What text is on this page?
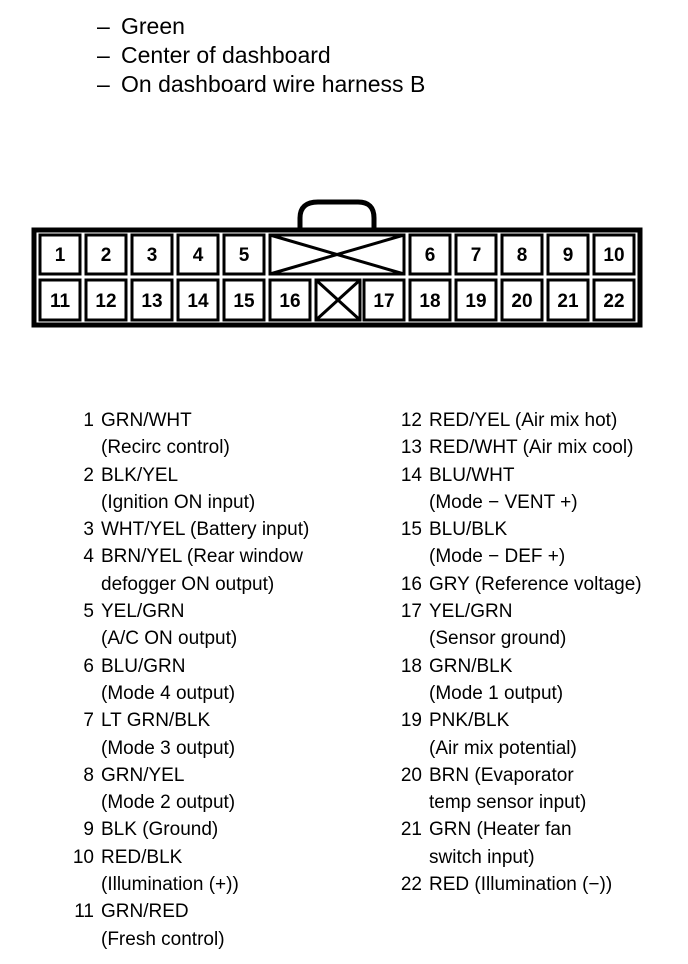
– Green
– Center of dashboard
– On dashboard wire harness B
1 2 3 4 5	6 7 8 9 10
11 12 13 14 15 16	17 18 19 20 21 22
1 GRN/WHT
(Recirc control)
2 BLK/YEL
(Ignition ON input)
3 WHT/YEL (Battery input)
4 BRN/YEL (Rear window
defogger ON output)
5 YEL/GRN
(A/C ON output)
6 BLU/GRN
(Mode 4 output)
7 LT GRN/BLK
(Mode 3 output)
8 GRN/YEL
(Mode 2 output)
9 BLK (Ground)
10 RED/BLK
(Illumination (+))
11 GRN/RED
(Fresh control)
12 RED/YEL (Air mix hot)
13 RED/WHT (Air mix cool)
14 BLU/WHT
(Mode − VENT +)
15 BLU/BLK
(Mode − DEF +)
16 GRY (Reference voltage)
17 YEL/GRN
(Sensor ground)
18 GRN/BLK
(Mode 1 output)
19 PNK/BLK
(Air mix potential)
20 BRN (Evaporator
temp sensor input)
21 GRN (Heater fan
switch input)
22 RED (Illumination (−))
